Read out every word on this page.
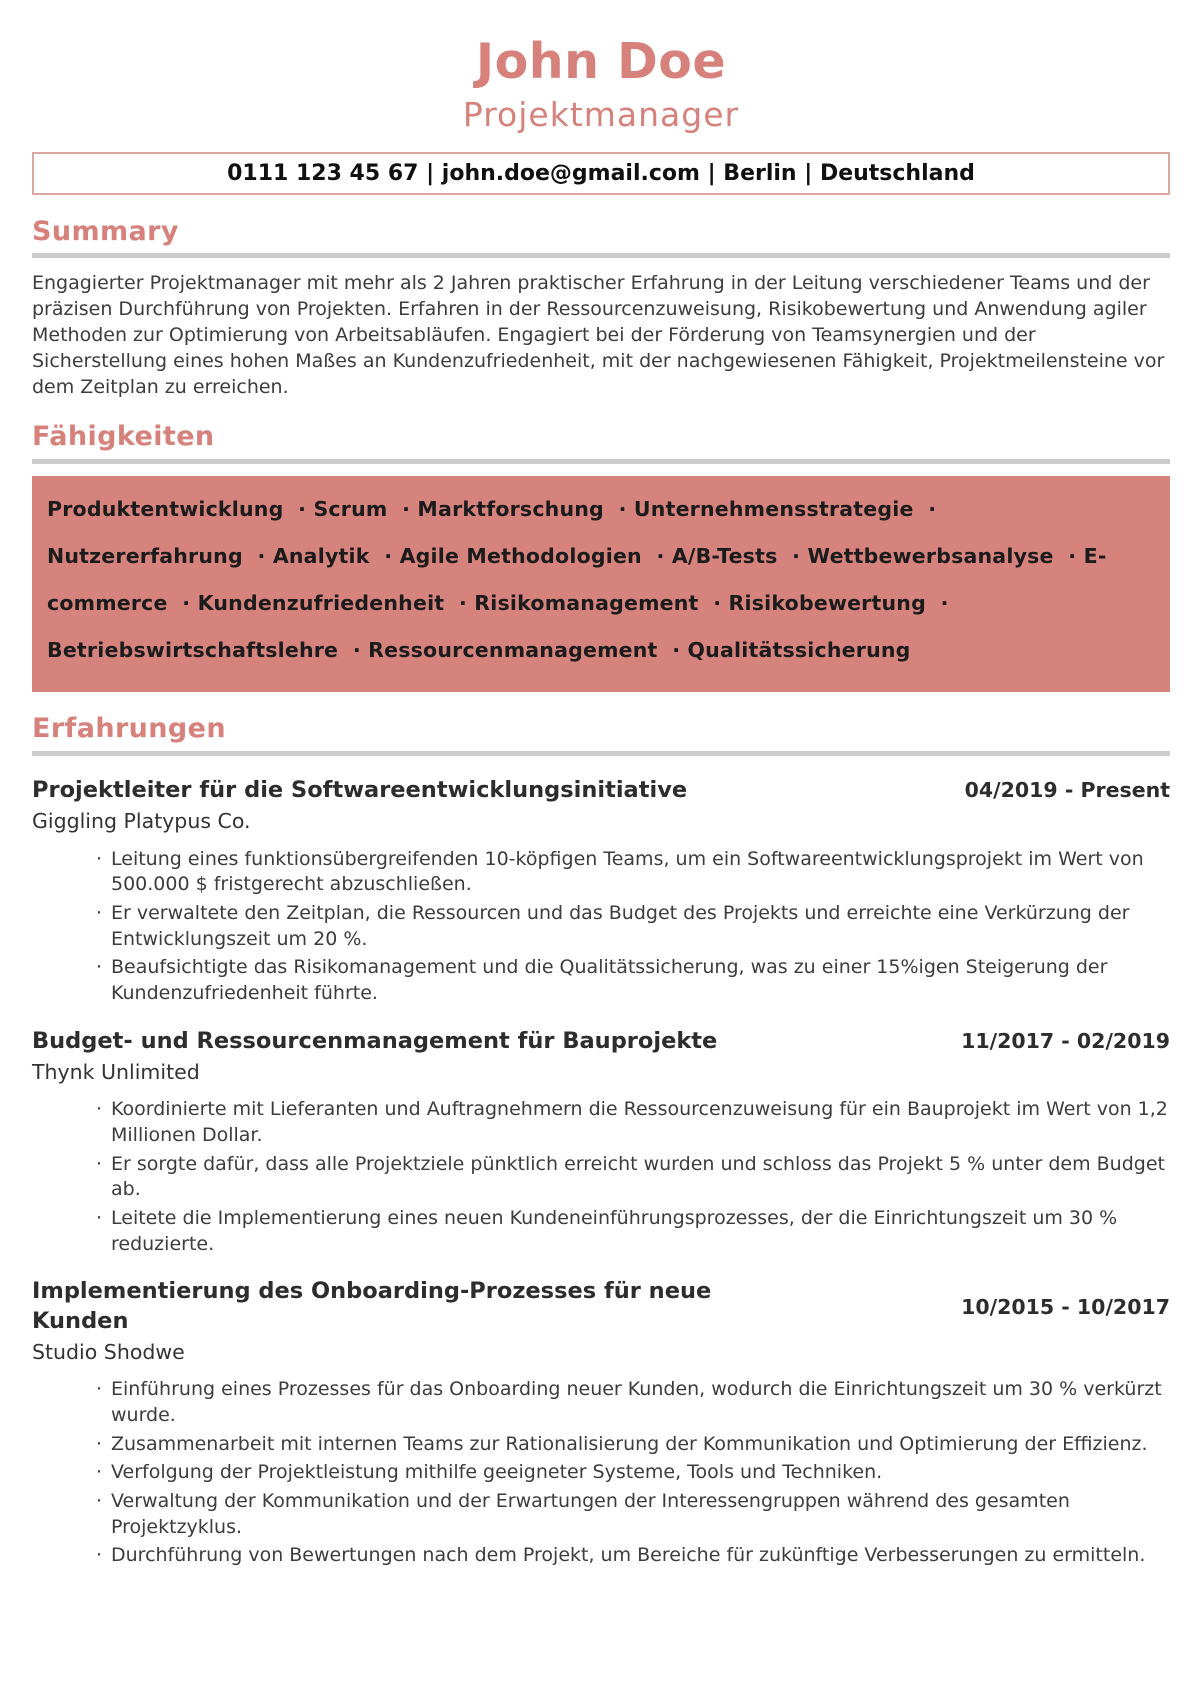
John Doe
Projektmanager
0111 123 45 67 | john.doe@gmail.com | Berlin | Deutschland
Summary

Engagierter Projektmanager mit mehr als 2 Jahren praktischer Erfahrung in der Leitung verschiedener Teams und der präzisen Durchführung von Projekten. Erfahren in der Ressourcenzuweisung, Risikobewertung und Anwendung agiler Methoden zur Optimierung von Arbeitsabläufen. Engagiert bei der Förderung von Teamsynergien und der Sicherstellung eines hohen Maßes an Kundenzufriedenheit, mit der nachgewiesenen Fähigkeit, Projektmeilensteine vor dem Zeitplan zu erreichen.

Fähigkeiten
Produktentwicklung  · Scrum  · Marktforschung  · Unternehmensstrategie  · Nutzererfahrung  · Analytik  · Agile Methodologien  · A/B-Tests  · Wettbewerbsanalyse  · E-commerce  · Kundenzufriedenheit  · Risikomanagement  · Risikobewertung  · Betriebswirtschaftslehre  · Ressourcenmanagement  · Qualitätssicherung
Erfahrungen
Projektleiter für die Softwareentwicklungsinitiative	04/2019 - Present
Giggling Platypus Co.
· Leitung eines funktionsübergreifenden 10-köpfigen Teams, um ein Softwareentwicklungsprojekt im Wert von 500.000 $ fristgerecht abzuschließen.
· Er verwaltete den Zeitplan, die Ressourcen und das Budget des Projekts und erreichte eine Verkürzung der Entwicklungszeit um 20 %.
· Beaufsichtigte das Risikomanagement und die Qualitätssicherung, was zu einer 15%igen Steigerung der Kundenzufriedenheit führte.
Budget- und Ressourcenmanagement für Bauprojekte	11/2017 - 02/2019
Thynk Unlimited
· Koordinierte mit Lieferanten und Auftragnehmern die Ressourcenzuweisung für ein Bauprojekt im Wert von 1,2 Millionen Dollar.
· Er sorgte dafür, dass alle Projektziele pünktlich erreicht wurden und schloss das Projekt 5 % unter dem Budget ab.
· Leitete die Implementierung eines neuen Kundeneinführungsprozesses, der die Einrichtungszeit um 30 % reduzierte.
Implementierung des Onboarding-Prozesses für neue Kunden
10/2015 - 10/2017
Studio Shodwe
· Einführung eines Prozesses für das Onboarding neuer Kunden, wodurch die Einrichtungszeit um 30 % verkürzt wurde.
· Zusammenarbeit mit internen Teams zur Rationalisierung der Kommunikation und Optimierung der Effizienz.
· Verfolgung der Projektleistung mithilfe geeigneter Systeme, Tools und Techniken.
· Verwaltung der Kommunikation und der Erwartungen der Interessengruppen während des gesamten Projektzyklus.
· Durchführung von Bewertungen nach dem Projekt, um Bereiche für zukünftige Verbesserungen zu ermitteln.
